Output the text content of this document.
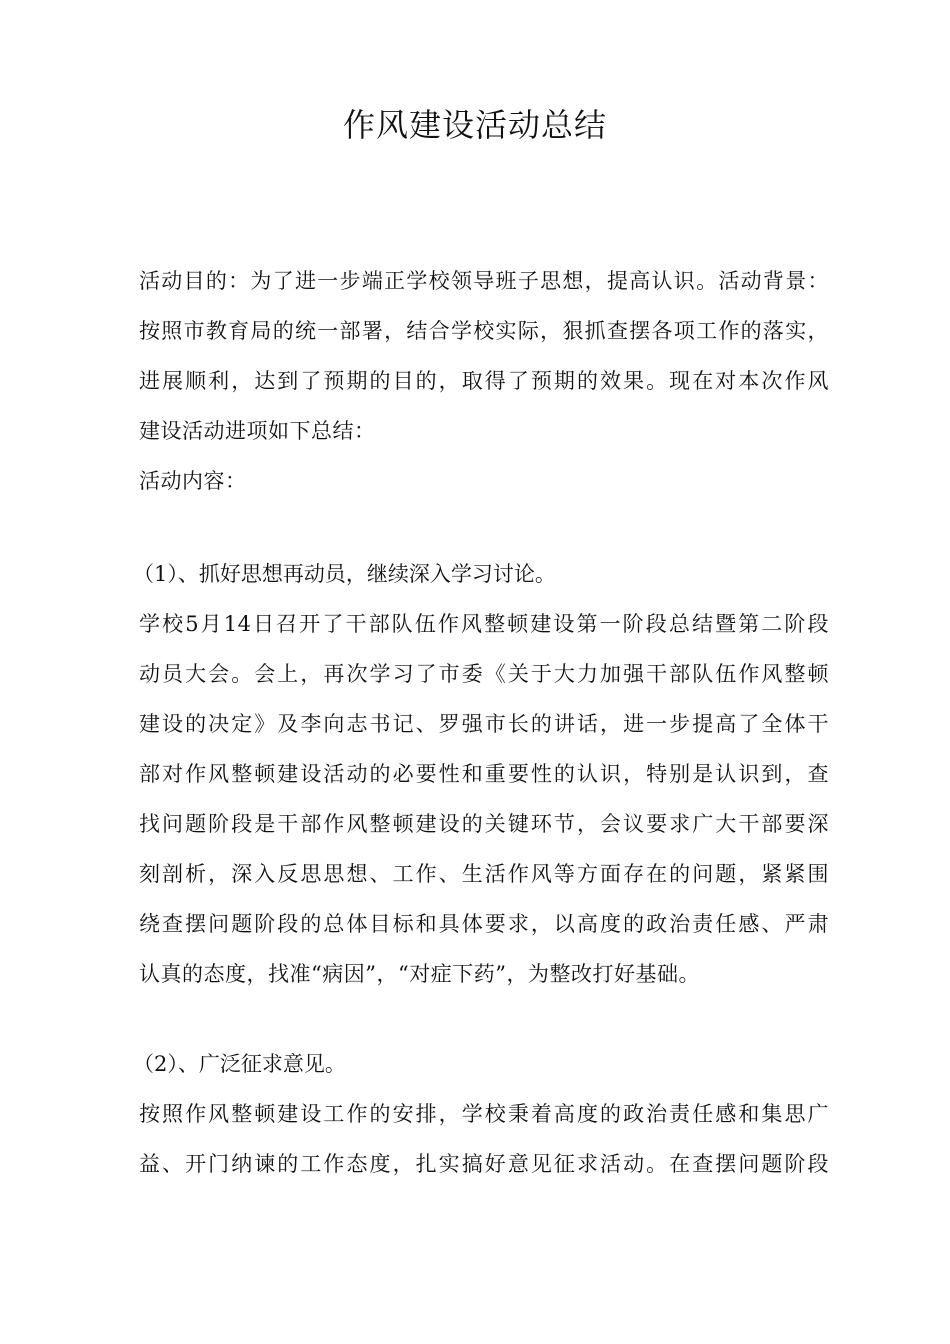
作风建设活动总结
活动目的：为了进一步端正学校领导班子思想，提高认识。活动背景：
按照市教育局的统一部署，结合学校实际，狠抓查摆各项工作的落实，
进展顺利，达到了预期的目的，取得了预期的效果。现在对本次作风
建设活动进项如下总结：
活动内容：
（1）、抓好思想再动员，继续深入学习讨论。
学校5月14日召开了干部队伍作风整顿建设第一阶段总结暨第二阶段
动员大会。会上，再次学习了市委《关于大力加强干部队伍作风整顿
建设的决定》及李向志书记、罗强市长的讲话，进一步提高了全体干
部对作风整顿建设活动的必要性和重要性的认识，特别是认识到，查
找问题阶段是干部作风整顿建设的关键环节，会议要求广大干部要深
刻剖析，深入反思思想、工作、生活作风等方面存在的问题，紧紧围
绕查摆问题阶段的总体目标和具体要求，以高度的政治责任感、严肃
认真的态度，找准“病因”，“对症下药”，为整改打好基础。
（2）、广泛征求意见。
按照作风整顿建设工作的安排，学校秉着高度的政治责任感和集思广
益、开门纳谏的工作态度，扎实搞好意见征求活动。在查摆问题阶段
